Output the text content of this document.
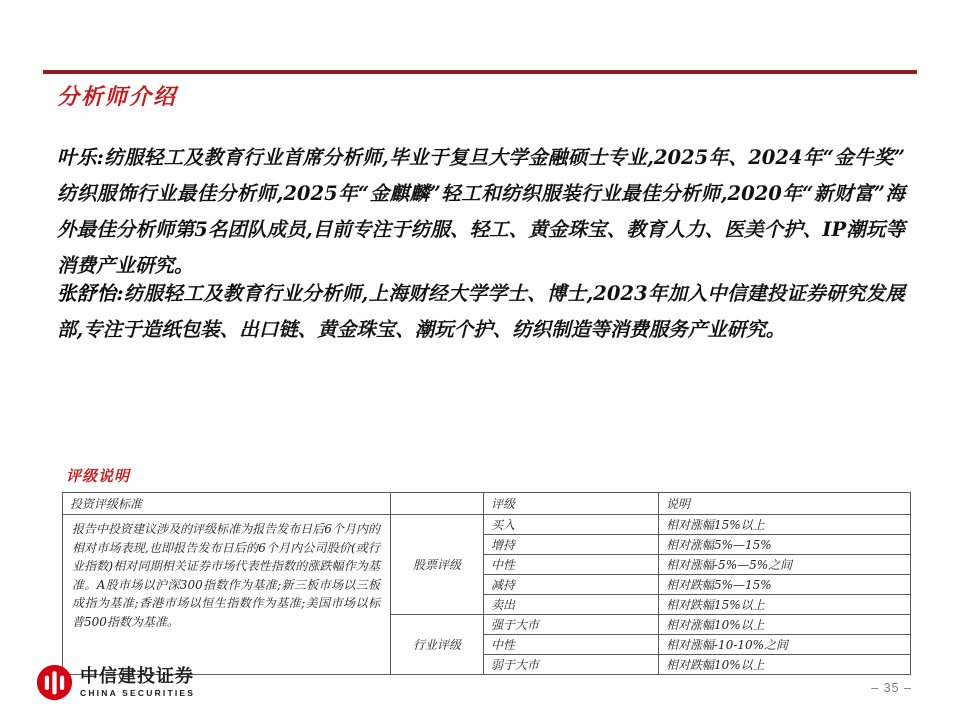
分析师介绍

叶乐:纺服轻工及教育行业首席分析师,毕业于复旦大学金融硕士专业,2025年、2024年“金牛奖”纺织服饰行业最佳分析师,2025年“金麒麟”轻工和纺织服装行业最佳分析师,2020年“新财富”海外最佳分析师第5名团队成员,目前专注于纺服、轻工、黄金珠宝、教育人力、医美个护、IP潮玩等消费产业研究。

张舒怡:纺服轻工及教育行业分析师,上海财经大学学士、博士,2023年加入中信建投证券研究发展部,专注于造纸包装、出口链、黄金珠宝、潮玩个护、纺织制造等消费服务产业研究。

评级说明
投资评级标准		评级	说明
报告中投资建议涉及的评级标准为报告发布日后6个月内的相对市场表现,也即报告发布日后的6个月内公司股价(或行业指数)相对同期相关证券市场代表性指数的涨跌幅作为基准。A股市场以沪深300指数作为基准;新三板市场以三板成指为基准;香港市场以恒生指数作为基准;美国市场以标普500指数为基准。	股票评级	买入	相对涨幅15%以上
		增持	相对涨幅5%—15%
		中性	相对涨幅-5%—5%之间
		减持	相对跌幅5%—15%
		卖出	相对跌幅15%以上
	行业评级	强于大市	相对涨幅10%以上
		中性	相对涨幅-10-10%之间
		弱于大市	相对跌幅10%以上
中信建投证券
CHINA SECURITIES	– 35 –
